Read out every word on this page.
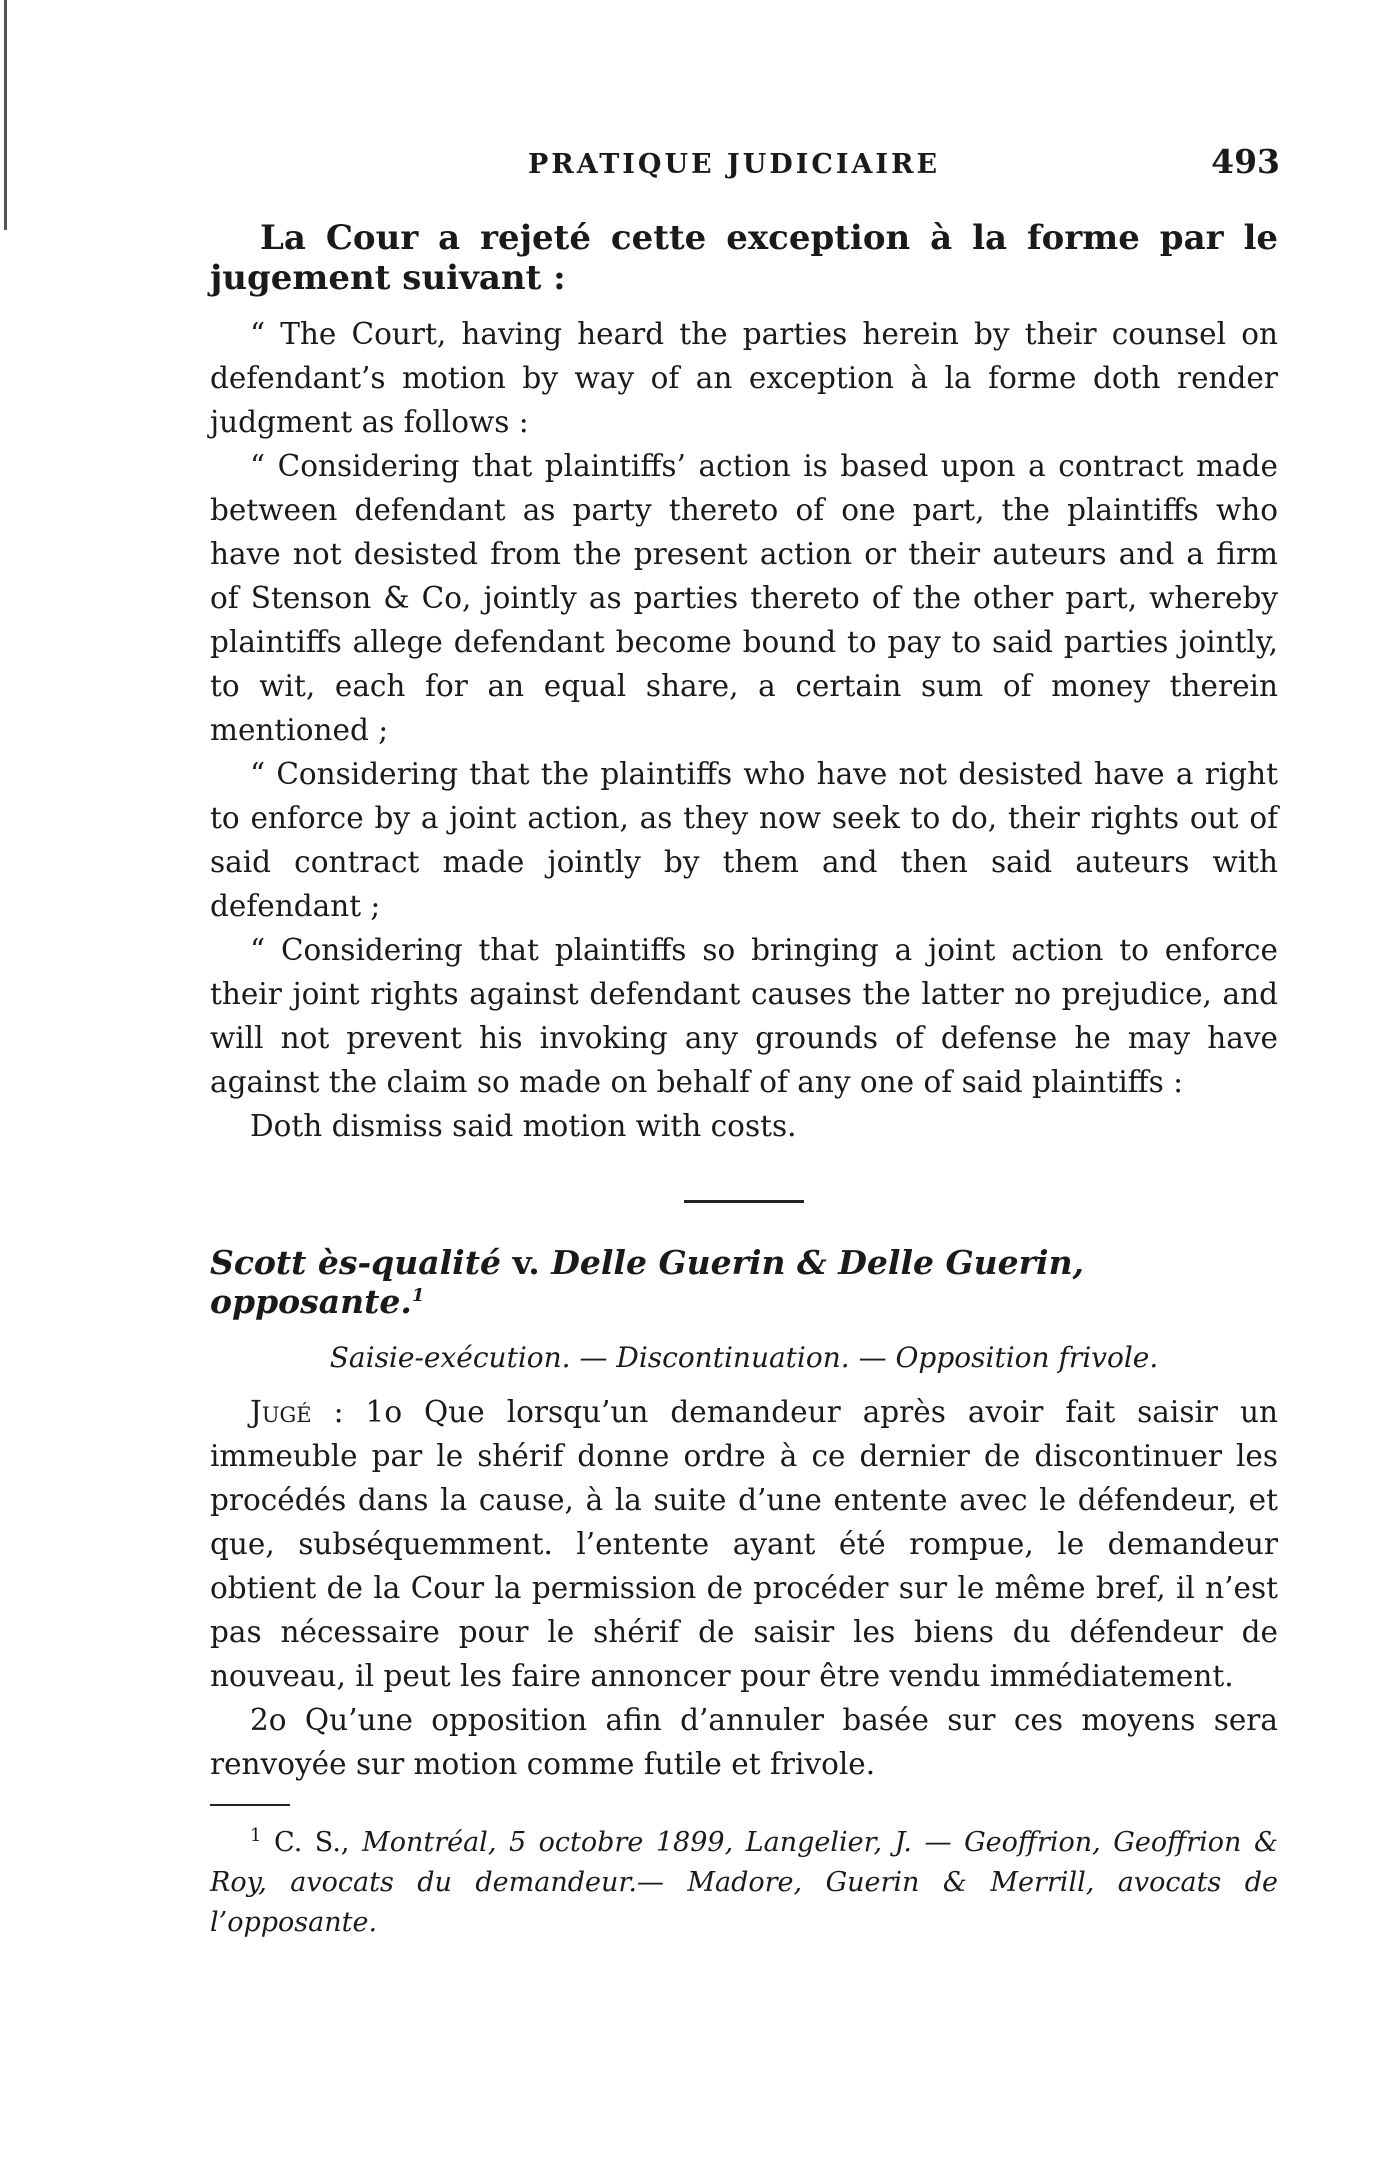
PRATIQUE JUDICIAIRE	493

La Cour a rejeté cette exception à la forme par le jugement suivant :

“ The Court, having heard the parties herein by their counsel on defendant’s motion by way of an exception à la forme doth render judgment as follows :

“ Considering that plaintiffs’ action is based upon a contract made between defendant as party thereto of one part, the plaintiffs who have not desisted from the present action or their auteurs and a firm of Stenson & Co, jointly as parties thereto of the other part, whereby plaintiffs allege defendant become bound to pay to said parties jointly, to wit, each for an equal share, a certain sum of money therein mentioned ;

“ Considering that the plaintiffs who have not desisted have a right to enforce by a joint action, as they now seek to do, their rights out of said contract made jointly by them and then said auteurs with defendant ;

“ Considering that plaintiffs so bringing a joint action to enforce their joint rights against defendant causes the latter no prejudice, and will not prevent his invoking any grounds of defense he may have against the claim so made on behalf of any one of said plaintiffs :

Doth dismiss said motion with costs.

Scott ès-qualité v. Delle Guerin & Delle Guerin, opposante.$^1$

Saisie-exécution. — Discontinuation. — Opposition frivole.

Jugé : 1o Que lorsqu’un demandeur après avoir fait saisir un immeuble par le shérif donne ordre à ce dernier de discontinuer les procédés dans la cause, à la suite d’une entente avec le défendeur, et que, subséquemment. l’entente ayant été rompue, le demandeur obtient de la Cour la permission de procéder sur le même bref, il n’est pas nécessaire pour le shérif de saisir les biens du défendeur de nouveau, il peut les faire annoncer pour être vendu immédiatement.

2o Qu’une opposition afin d’annuler basée sur ces moyens sera renvoyée sur motion comme futile et frivole.

$^1$ C. S., Montréal, 5 octobre 1899, Langelier, J. — Geoffrion, Geoffrion & Roy, avocats du demandeur.— Madore, Guerin & Merrill, avocats de l’opposante.
